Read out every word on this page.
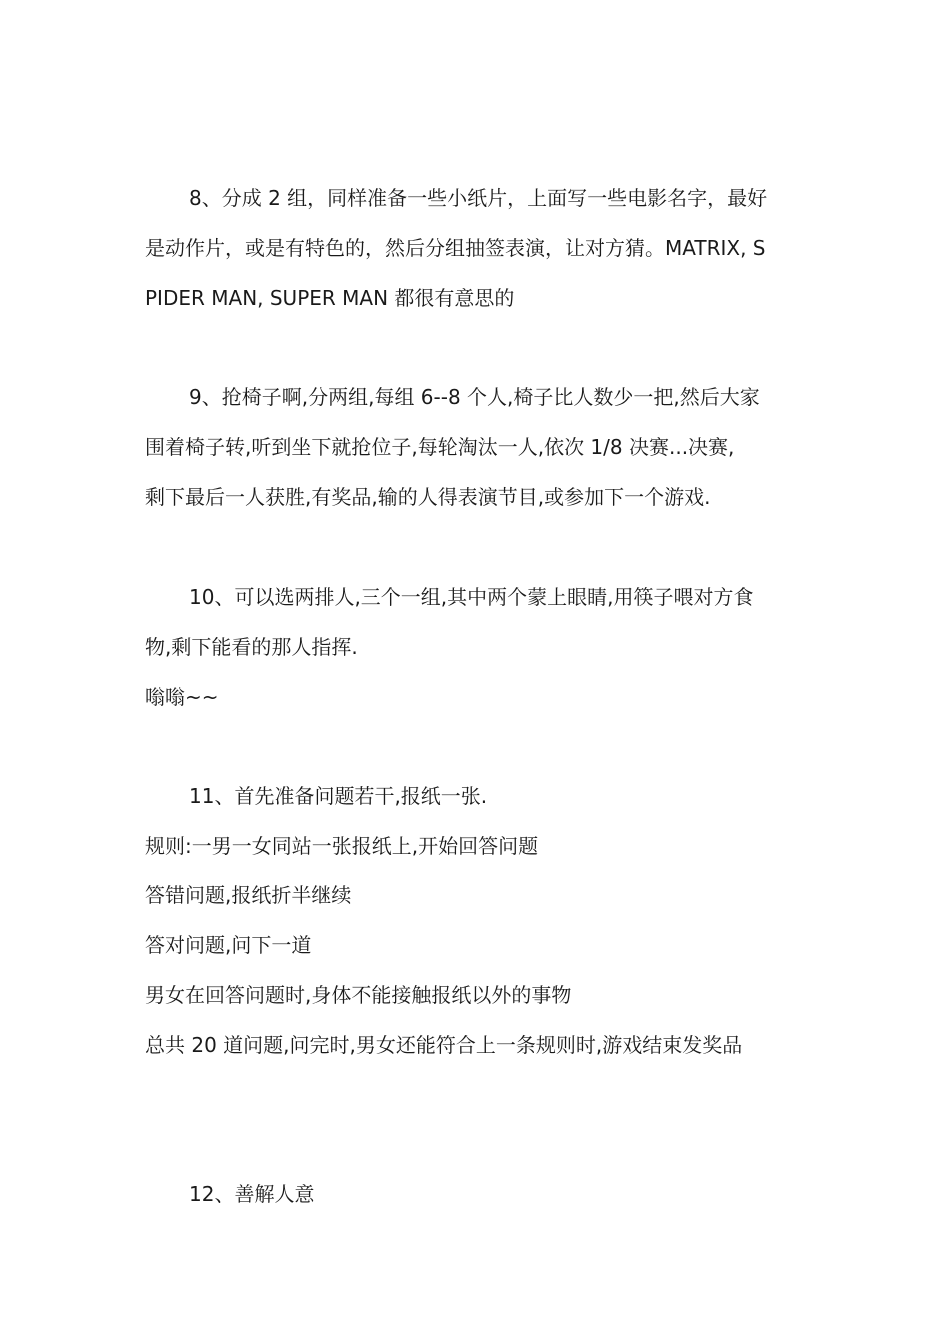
8、分成 2 组，同样准备一些小纸片，上面写一些电影名字，最好
是动作片，或是有特色的，然后分组抽签表演，让对方猜。MATRIX, S
PIDER MAN, SUPER MAN 都很有意思的
9、抢椅子啊,分两组,每组 6--8 个人,椅子比人数少一把,然后大家
围着椅子转,听到坐下就抢位子,每轮淘汰一人,依次 1/8 决赛...决赛,
剩下最后一人获胜,有奖品,输的人得表演节目,或参加下一个游戏.
10、可以选两排人,三个一组,其中两个蒙上眼睛,用筷子喂对方食
物,剩下能看的那人指挥.
嗡嗡~~
11、首先准备问题若干,报纸一张.
规则:一男一女同站一张报纸上,开始回答问题
答错问题,报纸折半继续
答对问题,问下一道
男女在回答问题时,身体不能接触报纸以外的事物
总共 20 道问题,问完时,男女还能符合上一条规则时,游戏结束发奖品
12、善解人意
